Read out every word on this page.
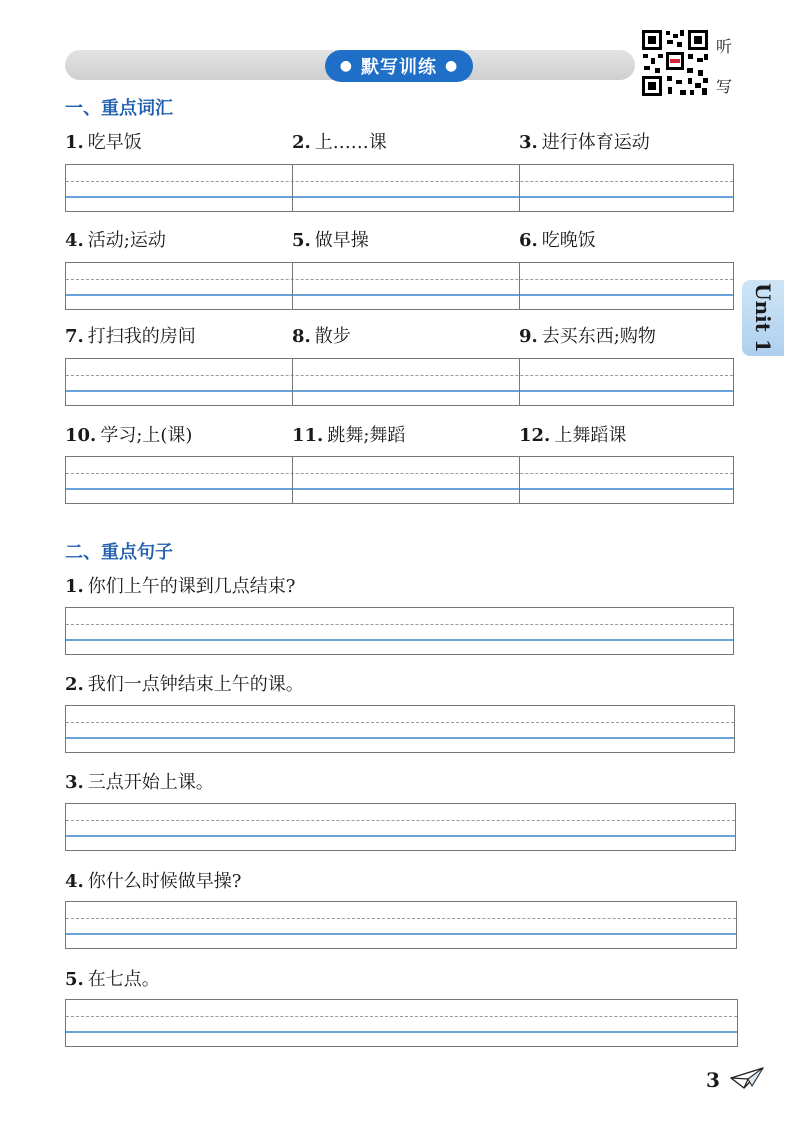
● 默写训练 ●
听
写
一、重点词汇
1. 吃早饭	2. 上……课	3. 进行体育运动
4. 活动;运动	5. 做早操	6. 吃晚饭
7. 打扫我的房间	8. 散步	9. 去买东西;购物
10. 学习;上(课)	11. 跳舞;舞蹈	12. 上舞蹈课
二、重点句子
1. 你们上午的课到几点结束?
2. 我们一点钟结束上午的课。
3. 三点开始上课。
4. 你什么时候做早操?
5. 在七点。
Unit 1
3
